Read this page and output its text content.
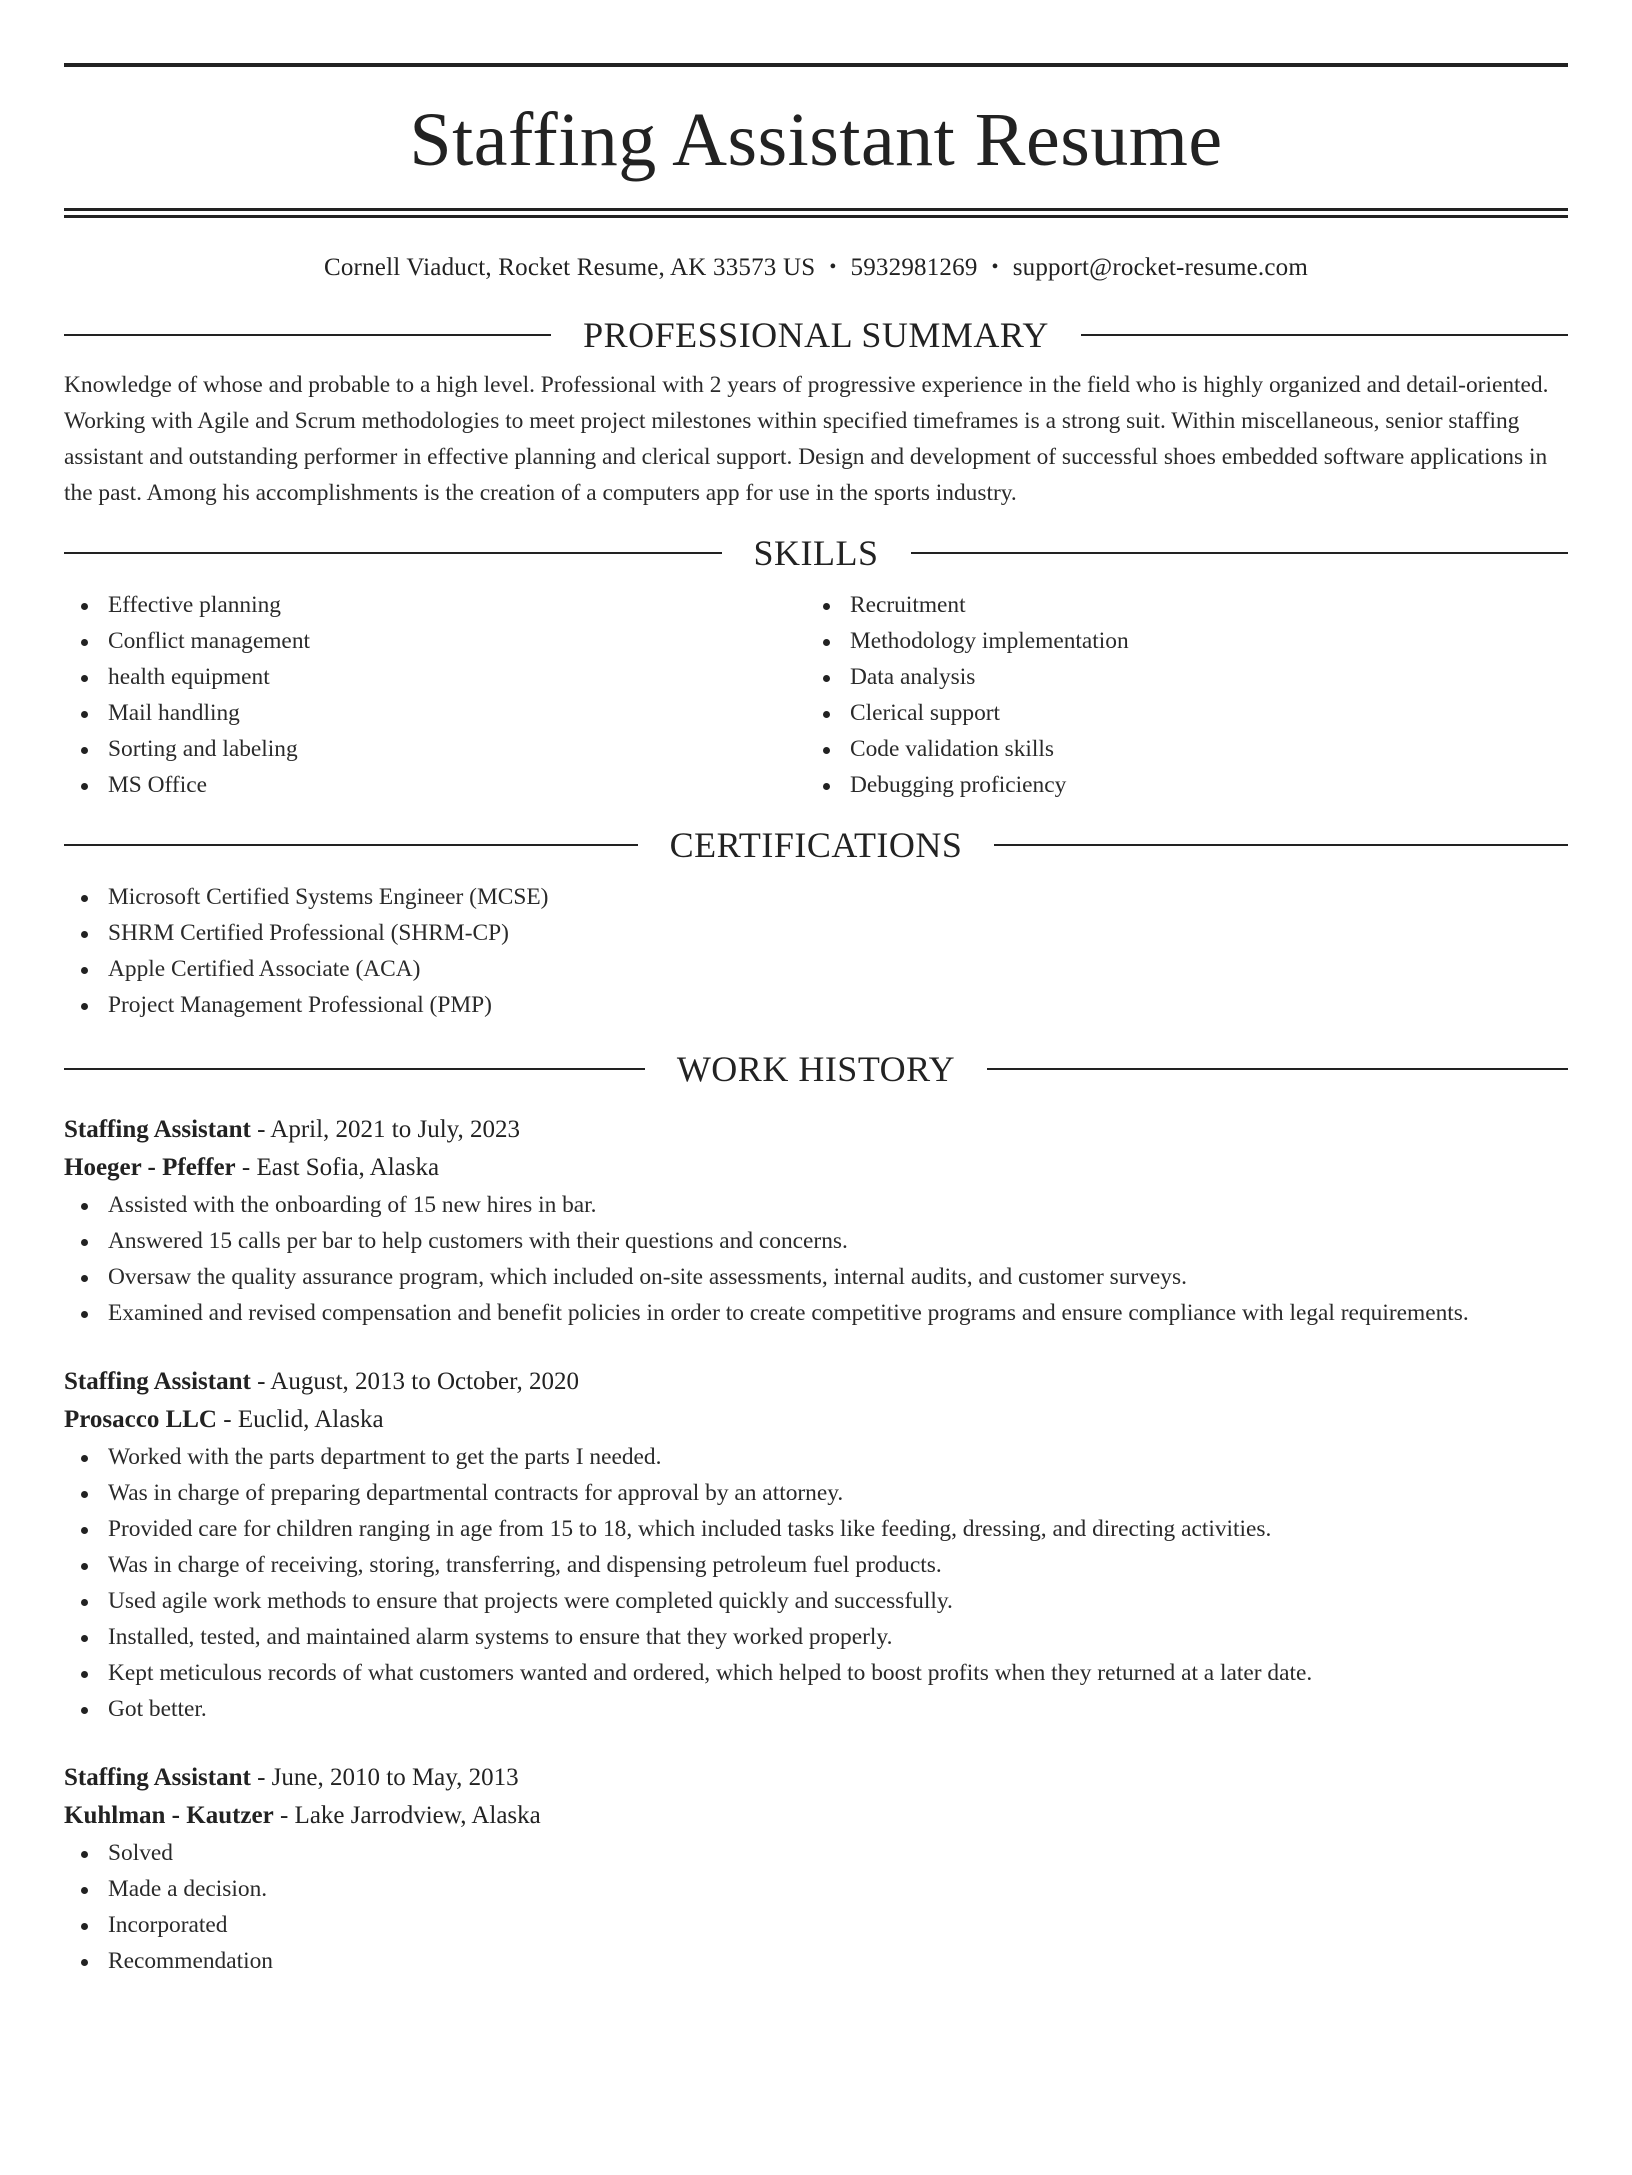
Staffing Assistant Resume
Cornell Viaduct, Rocket Resume, AK 33573 US • 5932981269 • support@rocket-resume.com
PROFESSIONAL SUMMARY

Knowledge of whose and probable to a high level. Professional with 2 years of progressive experience in the field who is highly organized and detail-oriented. Working with Agile and Scrum methodologies to meet project milestones within specified timeframes is a strong suit. Within miscellaneous, senior staffing assistant and outstanding performer in effective planning and clerical support. Design and development of successful shoes embedded software applications in the past. Among his accomplishments is the creation of a computers app for use in the sports industry.

SKILLS
Effective planning
Conflict management
health equipment
Mail handling
Sorting and labeling
MS Office
Recruitment
Methodology implementation
Data analysis
Clerical support
Code validation skills
Debugging proficiency
CERTIFICATIONS
Microsoft Certified Systems Engineer (MCSE)
SHRM Certified Professional (SHRM-CP)
Apple Certified Associate (ACA)
Project Management Professional (PMP)
WORK HISTORY
Staffing Assistant - April, 2021 to July, 2023
Hoeger - Pfeffer - East Sofia, Alaska
Assisted with the onboarding of 15 new hires in bar.
Answered 15 calls per bar to help customers with their questions and concerns.
Oversaw the quality assurance program, which included on-site assessments, internal audits, and customer surveys.
Examined and revised compensation and benefit policies in order to create competitive programs and ensure compliance with legal requirements.
Staffing Assistant - August, 2013 to October, 2020
Prosacco LLC - Euclid, Alaska
Worked with the parts department to get the parts I needed.
Was in charge of preparing departmental contracts for approval by an attorney.
Provided care for children ranging in age from 15 to 18, which included tasks like feeding, dressing, and directing activities.
Was in charge of receiving, storing, transferring, and dispensing petroleum fuel products.
Used agile work methods to ensure that projects were completed quickly and successfully.
Installed, tested, and maintained alarm systems to ensure that they worked properly.
Kept meticulous records of what customers wanted and ordered, which helped to boost profits when they returned at a later date.
Got better.
Staffing Assistant - June, 2010 to May, 2013
Kuhlman - Kautzer - Lake Jarrodview, Alaska
Solved
Made a decision.
Incorporated
Recommendation
